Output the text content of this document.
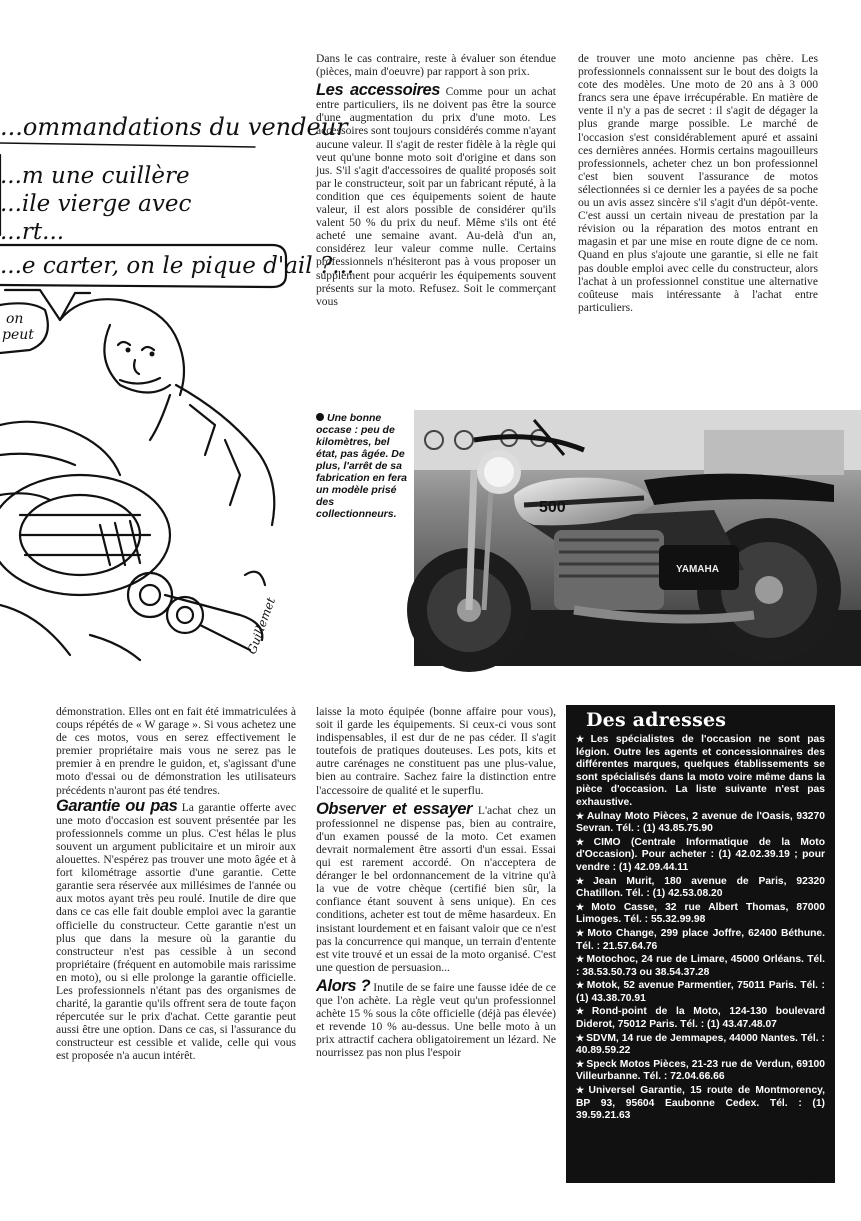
...ommandations du vendeur
...m une cuillère
...ile vierge avec
...rt...
...e carter, on le pique d'ail ?...
on
peut
Guillemet

Dans le cas contraire, reste à évaluer son étendue (pièces, main d'oeuvre) par rapport à son prix.

Les accessoires Comme pour un achat entre particuliers, ils ne doivent pas être la source d'une augmentation du prix d'une moto. Les accessoires sont toujours considérés comme n'ayant aucune valeur. Il s'agit de rester fidèle à la règle qui veut qu'une bonne moto soit d'origine et dans son jus. S'il s'agit d'accessoires de qualité proposés soit par le constructeur, soit par un fabricant réputé, à la condition que ces équipements soient de haute valeur, il est alors possible de considérer qu'ils valent 50 % du prix du neuf. Même s'ils ont été acheté une semaine avant. Au-delà d'un an, considérez leur valeur comme nulle. Certains professionnels n'hésiteront pas à vous proposer un supplément pour acquérir les équipements souvent présents sur la moto. Refusez. Soit le commerçant vous

de trouver une moto ancienne pas chère. Les professionnels connaissent sur le bout des doigts la cote des modèles. Une moto de 20 ans à 3 000 francs sera une épave irrécupérable. En matière de vente il n'y a pas de secret : il s'agit de dégager la plus grande marge possible. Le marché de l'occasion s'est considérablement apuré et assaini ces dernières années. Hormis certains magouilleurs professionnels, acheter chez un bon professionnel c'est bien souvent l'assurance de motos sélectionnées si ce dernier les a payées de sa poche ou un avis assez sincère s'il s'agit d'un dépôt-vente. C'est aussi un certain niveau de prestation par la révision ou la réparation des motos entrant en magasin et par une mise en route digne de ce nom. Quand en plus s'ajoute une garantie, si elle ne fait pas double emploi avec celle du constructeur, alors l'achat à un professionnel constitue une alternative coûteuse mais intéressante à l'achat entre particuliers.

Une bonne occase : peu de kilomètres, bel état, pas âgée. De plus, l'arrêt de sa fabrication en fera un modèle prisé des collectionneurs.	500
YAMAHA

démonstration. Elles ont en fait été immatriculées à coups répétés de « W garage ». Si vous achetez une de ces motos, vous en serez effectivement le premier propriétaire mais vous ne serez pas le premier à en prendre le guidon, et, s'agissant d'une moto d'essai ou de démonstration les utilisateurs précédents n'auront pas été tendres.

Garantie ou pas La garantie offerte avec une moto d'occasion est souvent présentée par les professionnels comme un plus. C'est hélas le plus souvent un argument publicitaire et un miroir aux alouettes. N'espérez pas trouver une moto âgée et à fort kilométrage assortie d'une garantie. Cette garantie sera réservée aux millésimes de l'année ou aux motos ayant très peu roulé. Inutile de dire que dans ce cas elle fait double emploi avec la garantie officielle du constructeur. Cette garantie n'est un plus que dans la mesure où la garantie du constructeur n'est pas cessible à un second propriétaire (fréquent en automobile mais rarissime en moto), ou si elle prolonge la garantie officielle. Les professionnels n'étant pas des organismes de charité, la garantie qu'ils offrent sera de toute façon répercutée sur le prix d'achat. Cette garantie peut aussi être une option. Dans ce cas, si l'assurance du constructeur est cessible et valide, celle qui vous est proposée n'a aucun intérêt.

laisse la moto équipée (bonne affaire pour vous), soit il garde les équipements. Si ceux-ci vous sont indispensables, il est dur de ne pas céder. Il s'agit toutefois de pratiques douteuses. Les pots, kits et autre carénages ne constituent pas une plus-value, bien au contraire. Sachez faire la distinction entre l'accessoire de qualité et le superflu.

Observer et essayer L'achat chez un professionnel ne dispense pas, bien au contraire, d'un examen poussé de la moto. Cet examen devrait normalement être assorti d'un essai. Essai qui est rarement accordé. On n'acceptera de déranger le bel ordonnancement de la vitrine qu'à la vue de votre chèque (certifié bien sûr, la confiance étant souvent à sens unique). En ces conditions, acheter est tout de même hasardeux. En insistant lourdement et en faisant valoir que ce n'est pas la concurrence qui manque, un terrain d'entente est vite trouvé et un essai de la moto organisé. C'est une question de persuasion...

Alors ? Inutile de se faire une fausse idée de ce que l'on achète. La règle veut qu'un professionnel achète 15 % sous la côte officielle (déjà pas élevée) et revende 10 % au-dessus. Une belle moto à un prix attractif cachera obligatoirement un lézard. Ne nourrissez pas non plus l'espoir

Des adresses
★ Les spécialistes de l'occasion ne sont pas légion. Outre les agents et concessionnaires des différentes marques, quelques établissements se sont spécialisés dans la moto voire même dans la pièce d'occasion. La liste suivante n'est pas exhaustive.
★ Aulnay Moto Pièces, 2 avenue de l'Oasis, 93270 Sevran. Tél. : (1) 43.85.75.90
★ CIMO (Centrale Informatique de la Moto d'Occasion). Pour acheter : (1) 42.02.39.19 ; pour vendre : (1) 42.09.44.11
★ Jean Murit, 180 avenue de Paris, 92320 Chatillon. Tél. : (1) 42.53.08.20
★ Moto Casse, 32 rue Albert Thomas, 87000 Limoges. Tél. : 55.32.99.98
★ Moto Change, 299 place Joffre, 62400 Béthune. Tél. : 21.57.64.76
★ Motochoc, 24 rue de Limare, 45000 Orléans. Tél. : 38.53.50.73 ou 38.54.37.28
★ Motok, 52 avenue Parmentier, 75011 Paris. Tél. : (1) 43.38.70.91
★ Rond-point de la Moto, 124-130 boulevard Diderot, 75012 Paris. Tél. : (1) 43.47.48.07
★ SDVM, 14 rue de Jemmapes, 44000 Nantes. Tél. : 40.89.59.22
★ Speck Motos Pièces, 21-23 rue de Verdun, 69100 Villeurbanne. Tél. : 72.04.66.66
★ Universel Garantie, 15 route de Montmorency, BP 93, 95604 Eaubonne Cedex. Tél. : (1) 39.59.21.63
35
